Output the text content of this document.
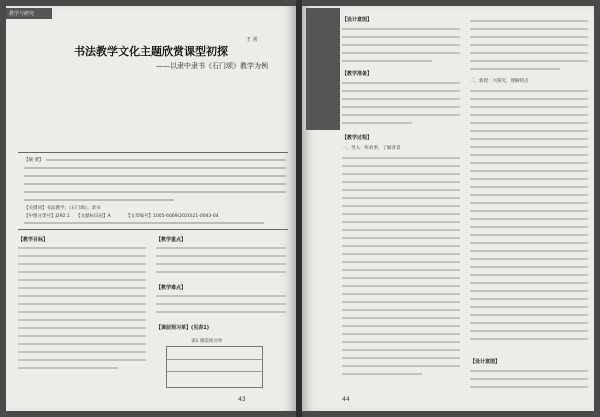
教学与研究
王 喜
书法教学文化主题欣赏课型初探
——以隶中隶书《石门颂》教学为例
【摘 要】
【关键词】书法教学；《石门颂》；隶书
【中图分类号】J292.1 【文献标识码】A	【文章编号】1005-6009(2020)21-0043-04
【教学目标】	【教学重点】
【教学难点】
【课前预习单】(见表1)
表1 课前预习单
43
【设计意图】
【教学准备】
【教学过程】
一、导入：听故事，了解背景
二、新授：兴探究，理解特点
【设计意图】
44
